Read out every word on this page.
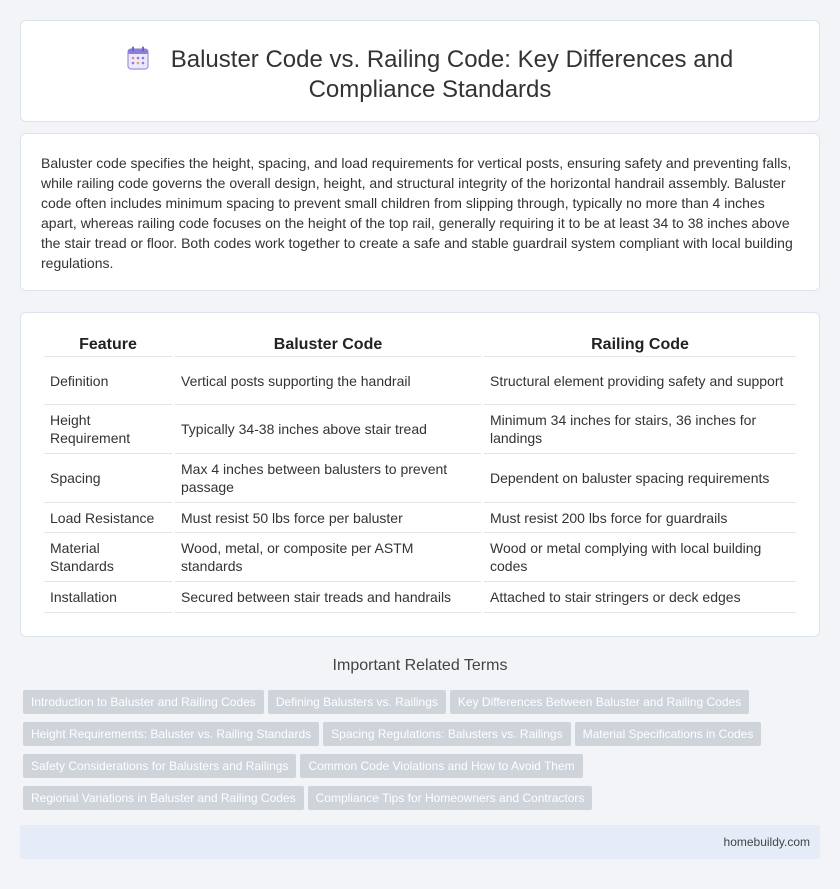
Baluster Code vs. Railing Code: Key Differences and Compliance Standards

Baluster code specifies the height, spacing, and load requirements for vertical posts, ensuring safety and preventing falls, while railing code governs the overall design, height, and structural integrity of the horizontal handrail assembly. Baluster code often includes minimum spacing to prevent small children from slipping through, typically no more than 4 inches apart, whereas railing code focuses on the height of the top rail, generally requiring it to be at least 34 to 38 inches above the stair tread or floor. Both codes work together to create a safe and stable guardrail system compliant with local building regulations.

Feature	Baluster Code	Railing Code
Definition	Vertical posts supporting the handrail	Structural element providing safety and support
Height Requirement	Typically 34-38 inches above stair tread	Minimum 34 inches for stairs, 36 inches for landings
Spacing	Max 4 inches between balusters to prevent passage	Dependent on baluster spacing requirements
Load Resistance	Must resist 50 lbs force per baluster	Must resist 200 lbs force for guardrails
Material Standards	Wood, metal, or composite per ASTM standards	Wood or metal complying with local building codes
Installation	Secured between stair treads and handrails	Attached to stair stringers or deck edges
Important Related Terms
Introduction to Baluster and Railing Codes Defining Balusters vs. Railings Key Differences Between Baluster and Railing Codes
Height Requirements: Baluster vs. Railing Standards Spacing Regulations: Balusters vs. Railings Material Specifications in Codes
Safety Considerations for Balusters and Railings Common Code Violations and How to Avoid Them
Regional Variations in Baluster and Railing Codes Compliance Tips for Homeowners and Contractors
homebuildy.com
